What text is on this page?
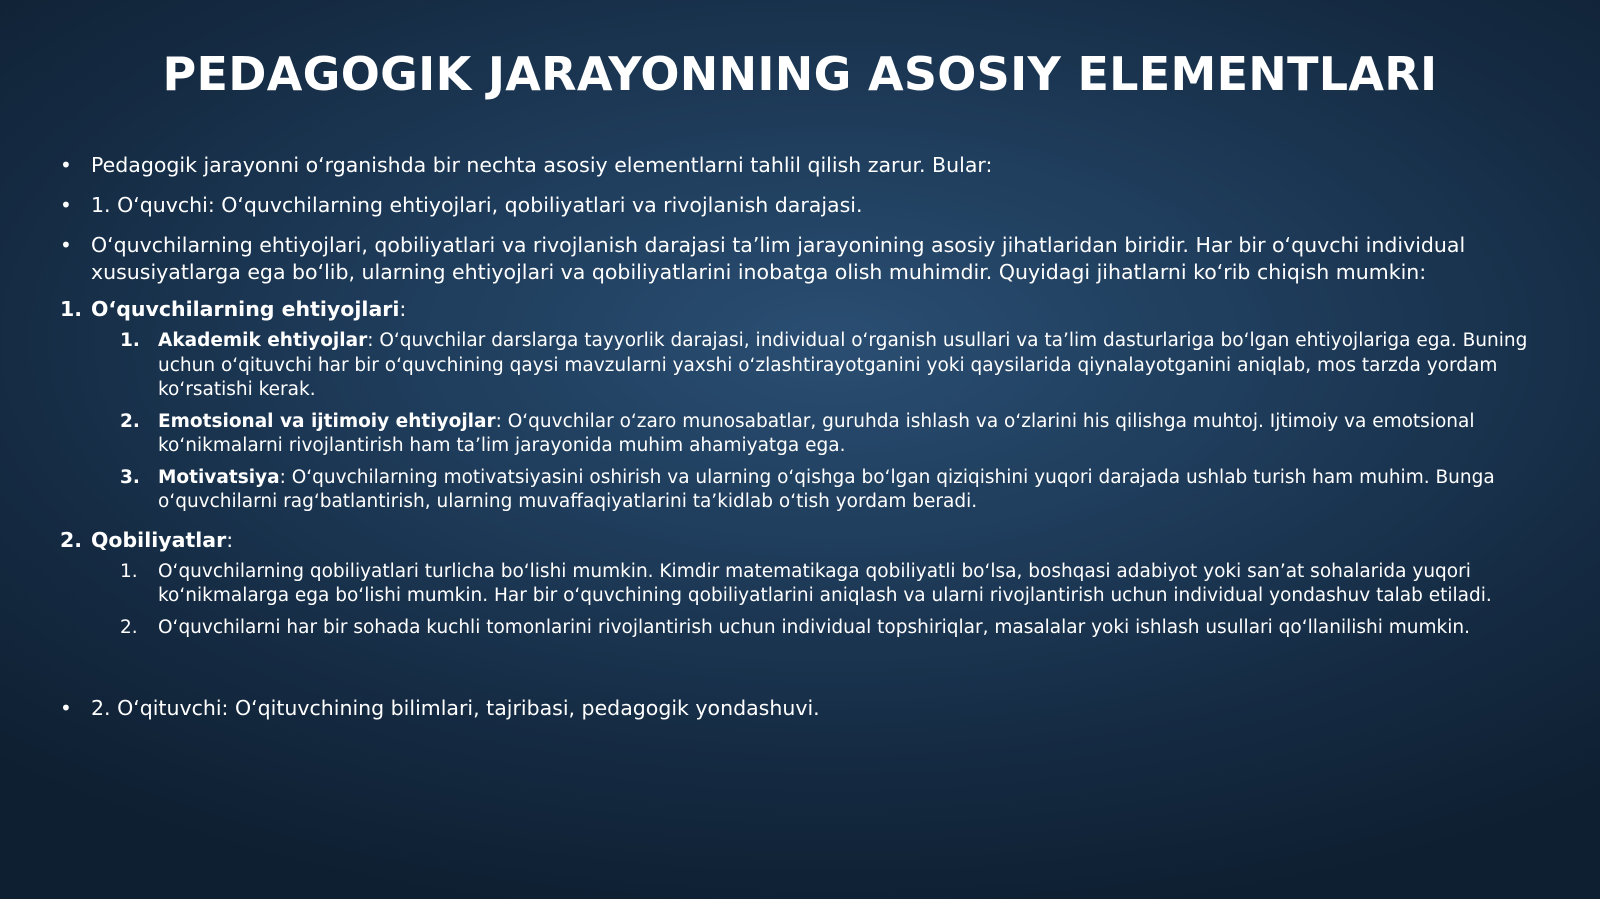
PEDAGOGIK JARAYONNING ASOSIY ELEMENTLARI
• Pedagogik jarayonni o‘rganishda bir nechta asosiy elementlarni tahlil qilish zarur. Bular:
• 1. O‘quvchi: O‘quvchilarning ehtiyojlari, qobiliyatlari va rivojlanish darajasi.
• O‘quvchilarning ehtiyojlari, qobiliyatlari va rivojlanish darajasi ta’lim jarayonining asosiy jihatlaridan biridir. Har bir o‘quvchi individual xususiyatlarga ega bo‘lib, ularning ehtiyojlari va qobiliyatlarini inobatga olish muhimdir. Quyidagi jihatlarni ko‘rib chiqish mumkin:
1. O‘quvchilarning ehtiyojlari:
1. Akademik ehtiyojlar: O‘quvchilar darslarga tayyorlik darajasi, individual o‘rganish usullari va ta’lim dasturlariga bo‘lgan ehtiyojlariga ega. Buning uchun o‘qituvchi har bir o‘quvchining qaysi mavzularni yaxshi o‘zlashtirayotganini yoki qaysilarida qiynalayotganini aniqlab, mos tarzda yordam ko‘rsatishi kerak.
2. Emotsional va ijtimoiy ehtiyojlar: O‘quvchilar o‘zaro munosabatlar, guruhda ishlash va o‘zlarini his qilishga muhtoj. Ijtimoiy va emotsional ko‘nikmalarni rivojlantirish ham ta’lim jarayonida muhim ahamiyatga ega.
3. Motivatsiya: O‘quvchilarning motivatsiyasini oshirish va ularning o‘qishga bo‘lgan qiziqishini yuqori darajada ushlab turish ham muhim. Bunga o‘quvchilarni rag‘batlantirish, ularning muvaffaqiyatlarini ta’kidlab o‘tish yordam beradi.
2. Qobiliyatlar:
1. O‘quvchilarning qobiliyatlari turlicha bo‘lishi mumkin. Kimdir matematikaga qobiliyatli bo‘lsa, boshqasi adabiyot yoki san’at sohalarida yuqori ko‘nikmalarga ega bo‘lishi mumkin. Har bir o‘quvchining qobiliyatlarini aniqlash va ularni rivojlantirish uchun individual yondashuv talab etiladi.
2. O‘quvchilarni har bir sohada kuchli tomonlarini rivojlantirish uchun individual topshiriqlar, masalalar yoki ishlash usullari qo‘llanilishi mumkin.
• 2. O‘qituvchi: O‘qituvchining bilimlari, tajribasi, pedagogik yondashuvi.
